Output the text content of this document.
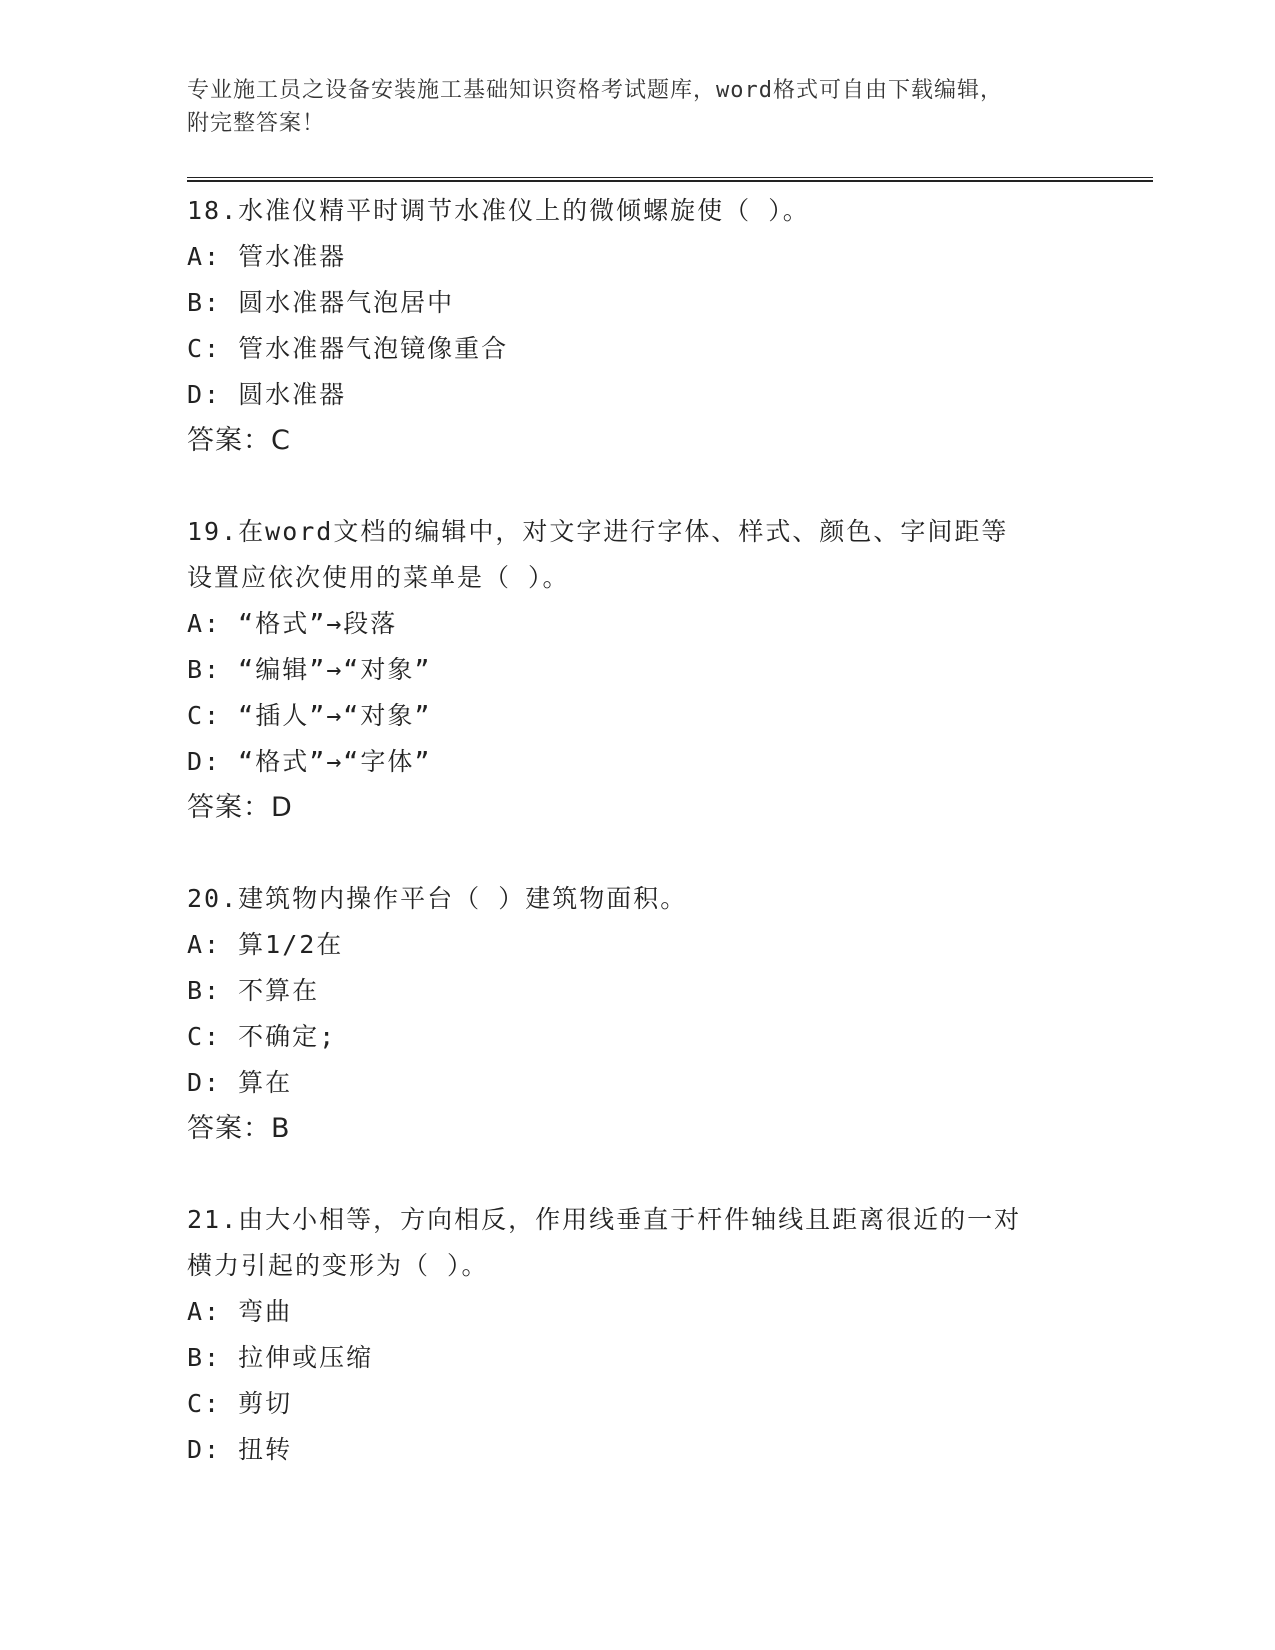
专业施工员之设备安装施工基础知识资格考试题库，word格式可自由下载编辑，
附完整答案！
18.水准仪精平时调节水准仪上的微倾螺旋使（ ）。
A: 管水准器
B: 圆水准器气泡居中
C: 管水准器气泡镜像重合
D: 圆水准器
答案：C
19.在word文档的编辑中，对文字进行字体、样式、颜色、字间距等
设置应依次使用的菜单是（ ）。
A: “格式”→段落
B: “编辑”→“对象”
C: “插人”→“对象”
D: “格式”→“字体”
答案：D
20.建筑物内操作平台（ ）建筑物面积。
A: 算1/2在
B: 不算在
C: 不确定;
D: 算在
答案：B
21.由大小相等，方向相反，作用线垂直于杆件轴线且距离很近的一对
横力引起的变形为（ ）。
A: 弯曲
B: 拉伸或压缩
C: 剪切
D: 扭转
